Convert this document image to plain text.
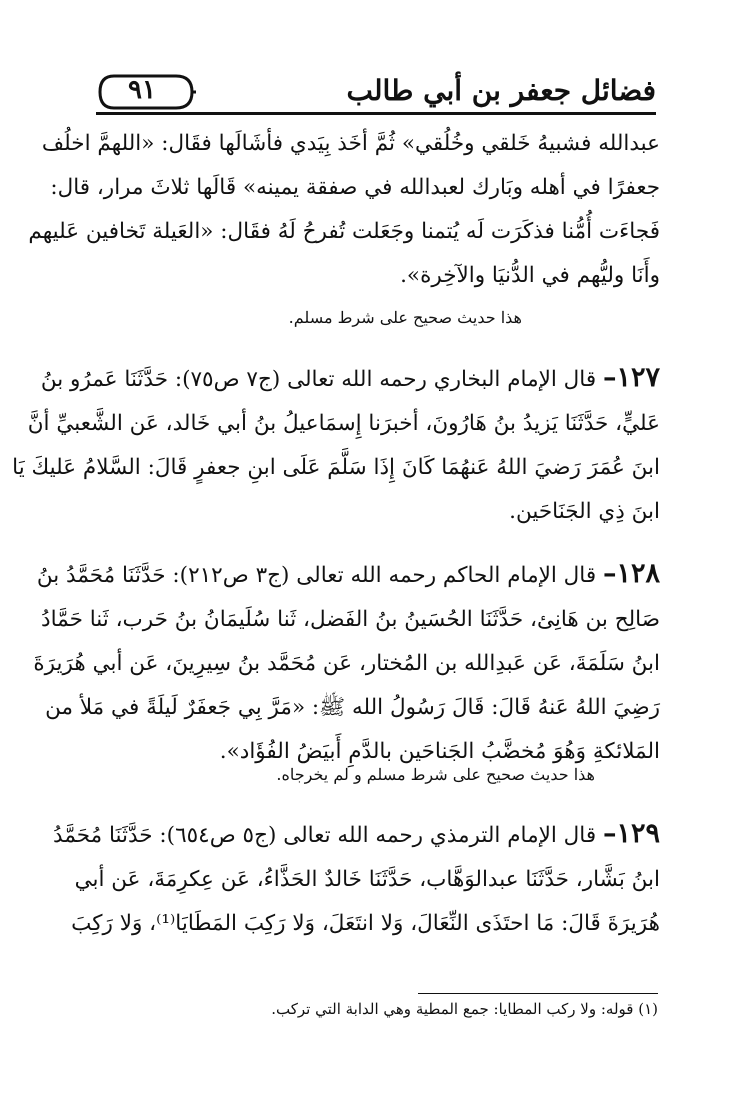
٩١	فضائل جعفر بن أبي طالب
عبدالله فشبيهُ خَلقي وخُلُقي» ثُمَّ أخَذ بِيَدي فأشَالَها فقَال: «اللهمَّ اخلُف
جعفرًا في أهله وبَارك لعبدالله في صفقة يمينه» قَالَها ثلاثَ مرار، قال:
فَجاءَت أُمُّنا فذكَرَت لَه يُتمنا وجَعَلت تُفرحُ لَهُ فقَال: «العَيلة تَخافين عَليهم
وأَنَا وليُّهم في الدُّنيَا والآخِرة».
هذا حديث صحيح على شرط مسلم.
١٢٧– قال الإمام البخاري رحمه الله تعالى (ج٧ ص٧٥): حَدَّثَنَا عَمرُو بنُ
عَليٍّ، حَدَّثَنَا يَزيدُ بنُ هَارُونَ، أخبرَنا إِسمَاعيلُ بنُ أبي خَالد، عَن الشَّعبيِّ أنَّ
ابنَ عُمَرَ رَضيَ اللهُ عَنهُمَا كَانَ إِذَا سَلَّمَ عَلَى ابنِ جعفرٍ قَالَ: السَّلامُ عَليكَ يَا
ابنَ ذِي الجَنَاحَين.
١٢٨– قال الإمام الحاكم رحمه الله تعالى (ج٣ ص٢١٢): حَدَّثَنَا مُحَمَّدُ بنُ
صَالِح بن هَانِئ، حَدَّثَنَا الحُسَينُ بنُ الفَضل، ثَنا سُلَيمَانُ بنُ حَرب، ثَنا حَمَّادُ
ابنُ سَلَمَةَ، عَن عَبدِالله بن المُختار، عَن مُحَمَّد بنُ سِيرِينَ، عَن أبي هُرَيرَةَ
رَضِيَ اللهُ عَنهُ قَالَ: قَالَ رَسُولُ الله ﷺ: «مَرَّ بِي جَعفَرٌ لَيلَةً في مَلأ من
المَلائكةِ وَهُوَ مُخضَّبُ الجَناحَين بالدَّمِ أَبيَضُ الفُؤَاد».
هذا حديث صحيح على شرط مسلم و لم يخرجاه.
١٢٩– قال الإمام الترمذي رحمه الله تعالى (ج٥ ص٦٥٤): حَدَّثَنَا مُحَمَّدُ
ابنُ بَشَّار، حَدَّثَنَا عبدالوَهَّاب، حَدَّثَنَا خَالدٌ الحَذَّاءُ، عَن عِكرِمَةَ، عَن أبي
هُرَيرَةَ قَالَ: مَا احتَذَى النِّعَالَ، وَلا انتَعَلَ، وَلا رَكِبَ المَطَايَا⁽¹⁾، وَلا رَكِبَ
(١) قوله: ولا ركب المطايا: جمع المطية وهي الدابة التي تركب.
